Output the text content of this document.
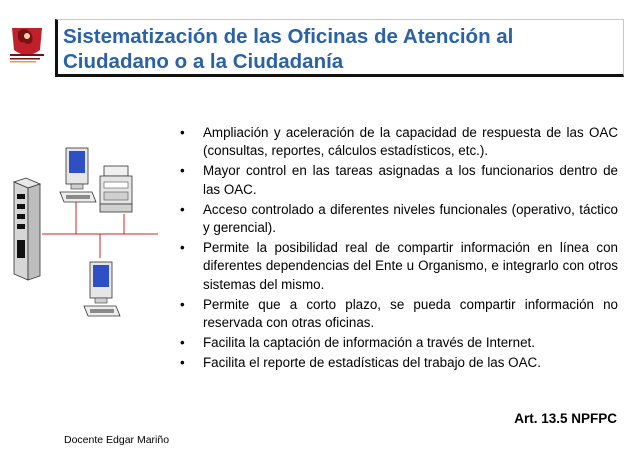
Sistematización de las Oficinas de Atención al
Ciudadano o a la Ciudadanía
• Ampliación y aceleración de la capacidad de respuesta de las OAC (consultas, reportes, cálculos estadísticos, etc.).
• Mayor control en las tareas asignadas a los funcionarios dentro de las OAC.
• Acceso controlado a diferentes niveles funcionales (operativo, táctico y gerencial).
• Permite la posibilidad real de compartir información en línea con diferentes dependencias del Ente u Organismo, e integrarlo con otros sistemas del mismo.
• Permite que a corto plazo, se pueda compartir información no reservada con otras oficinas.
• Facilita la captación de información a través de Internet.
• Facilita el reporte de estadísticas del trabajo de las OAC.
Art. 13.5 NPFPC
Docente Edgar Mariño
